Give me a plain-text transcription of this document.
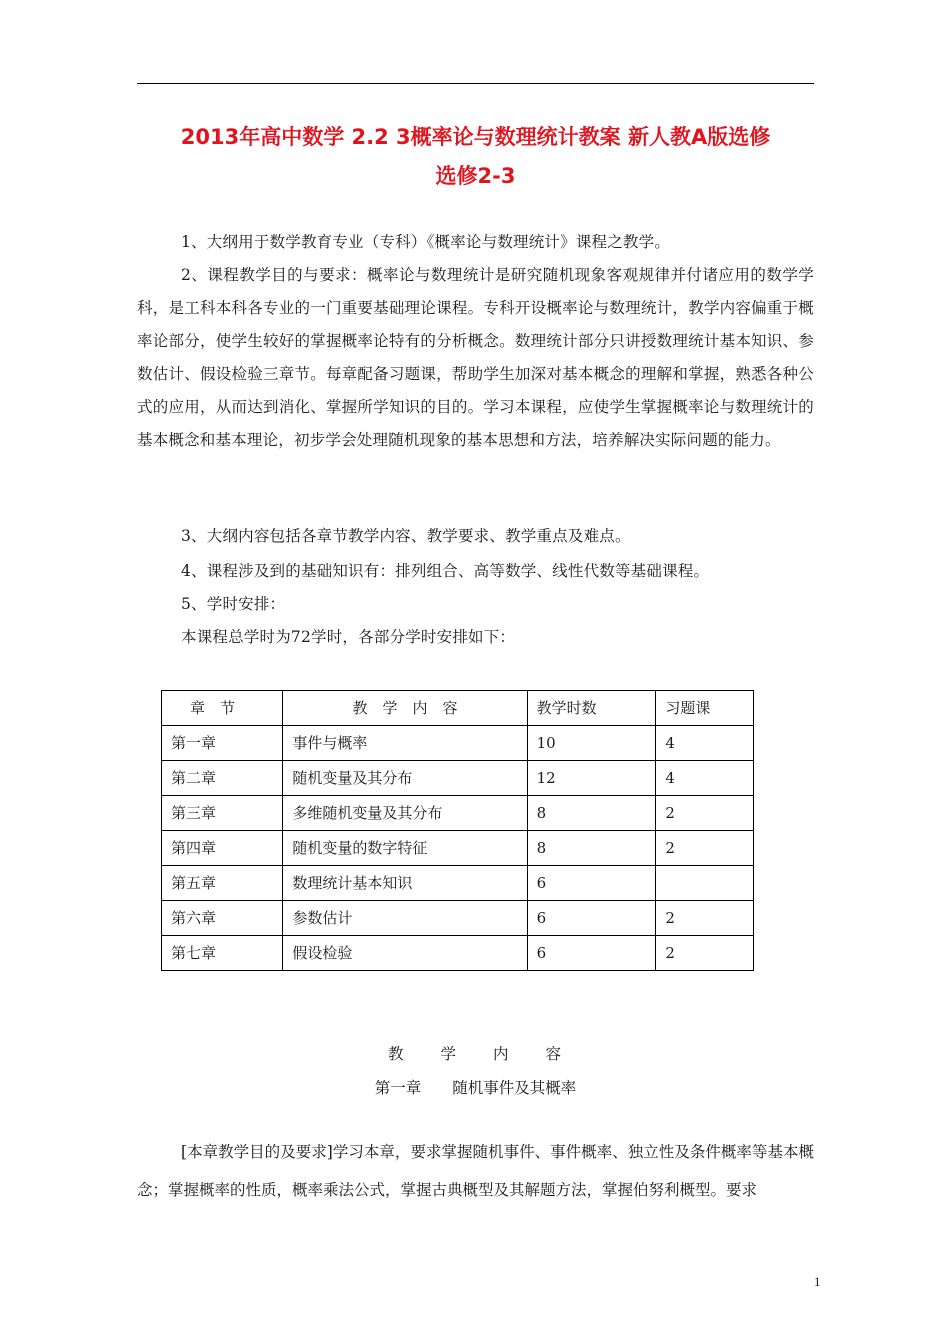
2013年高中数学 2.2 3概率论与数理统计教案 新人教A版选修
选修2-3
1、大纲用于数学教育专业（专科）《概率论与数理统计》课程之教学。
2、课程教学目的与要求：概率论与数理统计是研究随机现象客观规律并付诸应用的数学学科，是工科本科各专业的一门重要基础理论课程。专科开设概率论与数理统计，教学内容偏重于概率论部分，使学生较好的掌握概率论特有的分析概念。数理统计部分只讲授数理统计基本知识、参数估计、假设检验三章节。每章配备习题课，帮助学生加深对基本概念的理解和掌握，熟悉各种公式的应用，从而达到消化、掌握所学知识的目的。学习本课程，应使学生掌握概率论与数理统计的基本概念和基本理论，初步学会处理随机现象的基本思想和方法，培养解决实际问题的能力。
3、大纲内容包括各章节教学内容、教学要求、教学重点及难点。
4、课程涉及到的基础知识有：排列组合、高等数学、线性代数等基础课程。
5、学时安排：
本课程总学时为72学时，各部分学时安排如下：
章　节	教　学　内　容	教学时数	习题课
第一章	事件与概率	10	4
第二章	随机变量及其分布	12	4
第三章	多维随机变量及其分布	8	2
第四章	随机变量的数字特征	8	2
第五章	数理统计基本知识	6	
第六章	参数估计	6	2
第七章	假设检验	6	2
教　　学　　内　　容
第一章　　随机事件及其概率
[本章教学目的及要求]学习本章，要求掌握随机事件、事件概率、独立性及条件概率等基本概念；掌握概率的性质，概率乘法公式，掌握古典概型及其解题方法，掌握伯努利概型。要求
1
